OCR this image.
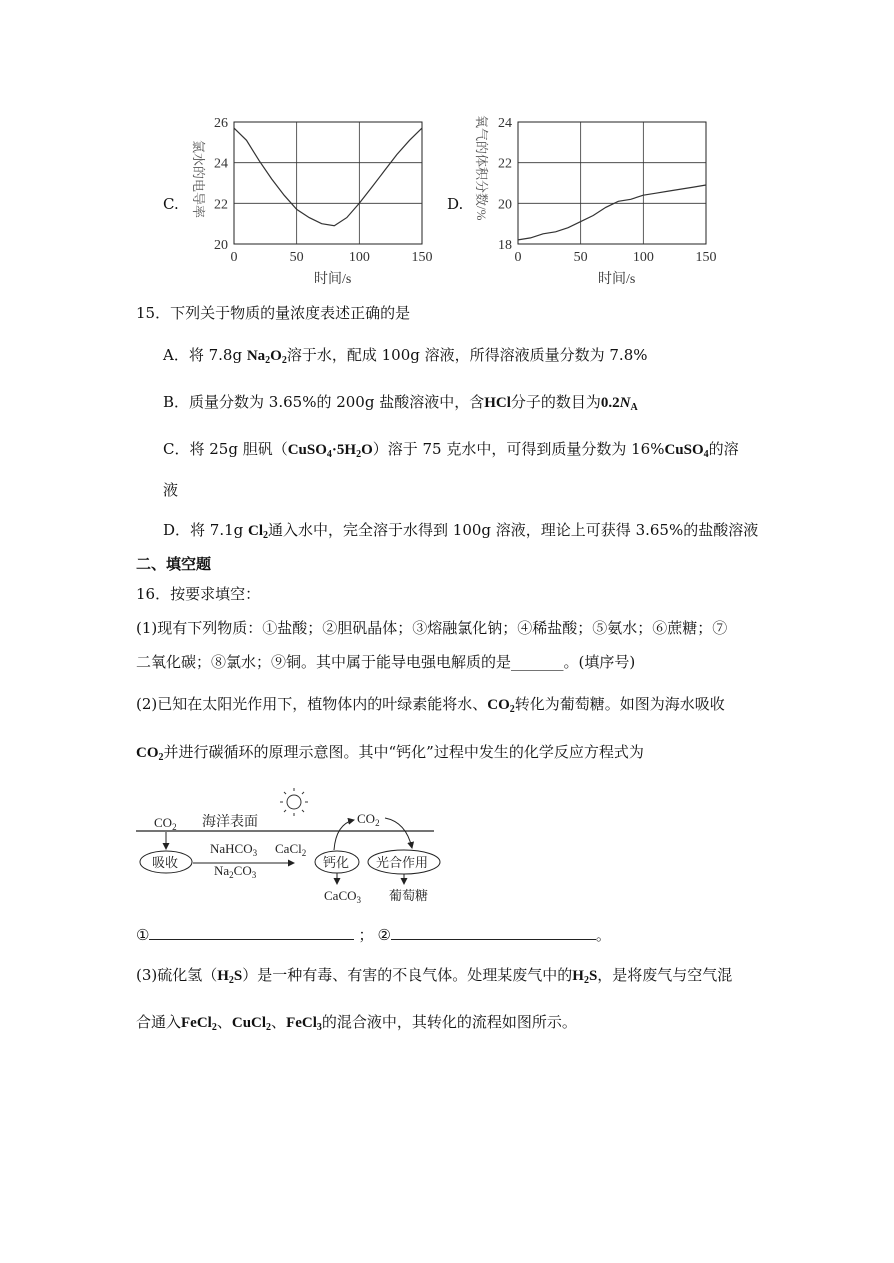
C. 氯水的电导率
0	50	100	150
20
22
24
26
时间/s
D. 氧气的体积分数/%
0	50	100	150
18
20
22
24
时间/s
15．下列关于物质的量浓度表述正确的是
A．将 7.8g $Na_2O_2$溶于水，配成 100g 溶液，所得溶液质量分数为 7.8%
B．质量分数为 3.65%的 200g 盐酸溶液中，含HCl分子的数目为$0.2N_A$
C．将 25g 胆矾$(CuSO_4\cdot 5H_2O)$溶于 75 克水中，可得到质量分数为 16%CuSO$_4$的溶
液
D．将 7.1g $Cl_2$通入水中，完全溶于水得到 100g 溶液，理论上可获得 3.65%的盐酸溶液
二、填空题
16．按要求填空：
(1)现有下列物质：①盐酸；②胆矾晶体；③熔融氯化钠；④稀盐酸；⑤氨水；⑥蔗糖；⑦
二氧化碳；⑧氯水；⑨铜。其中属于能导电强电解质的是_______。(填序号)
(2)已知在太阳光作用下，植物体内的叶绿素能将水、$CO_2$转化为葡萄糖。如图为海水吸收
$CO_2$并进行碳循环的原理示意图。其中“钙化”过程中发生的化学反应方程式为
海洋表面
$CO_2$
吸收
NaHCO$_3$
$Na_2CO_3$
CaCl$_2$
钙化 光合作用
$CO_2$
CaCO$_3$ 葡萄糖
①	； ②	。
(3)硫化氢$(H_2S)$是一种有毒、有害的不良气体。处理某废气中的$H_2S$，是将废气与空气混
合通入FeCl$_2$、CuCl$_2$、FeCl$_3$的混合液中，其转化的流程如图所示。
